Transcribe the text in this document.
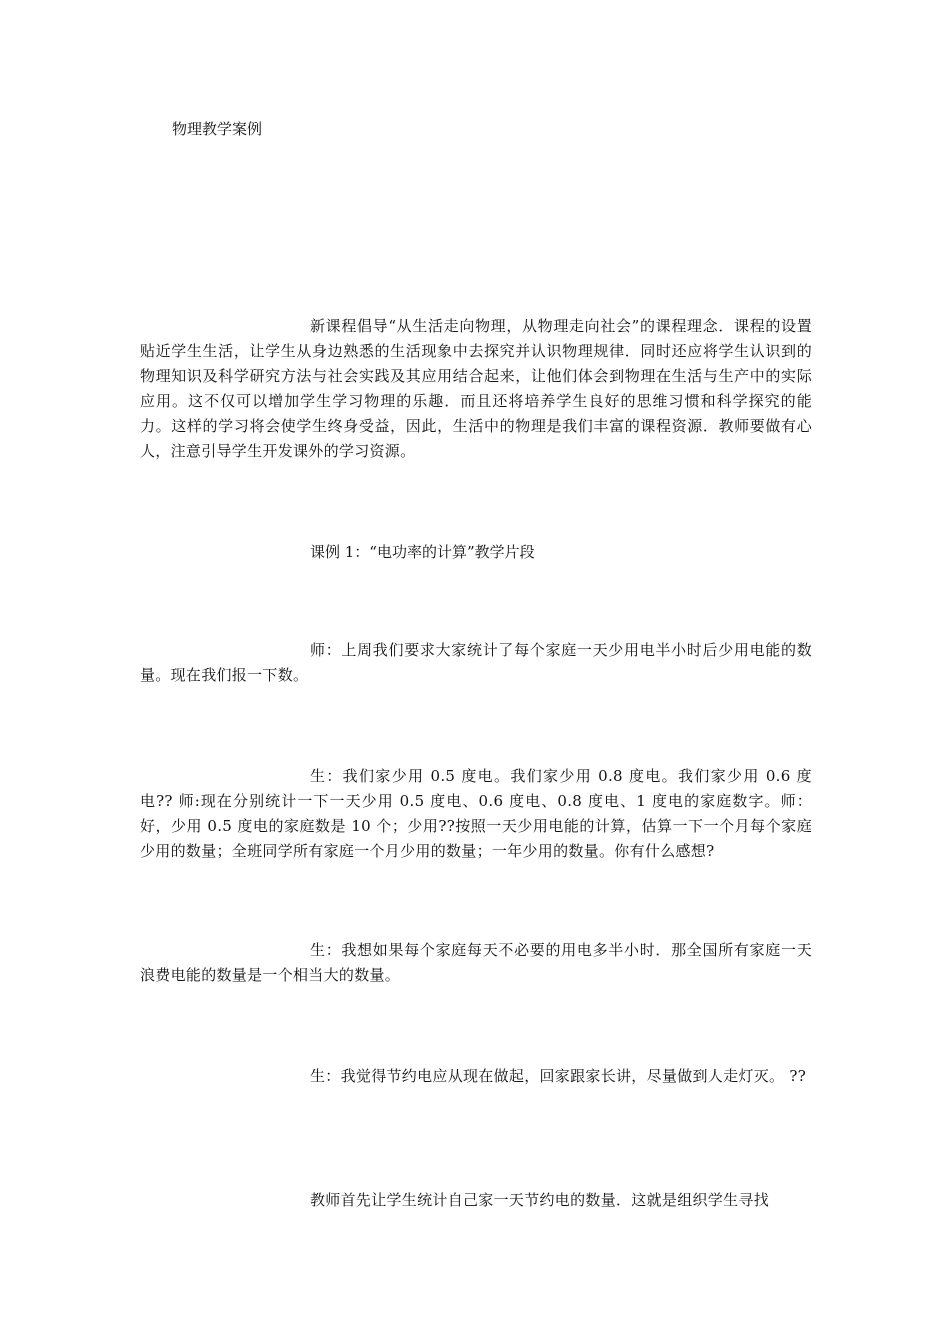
物理教学案例

新课程倡导“从生活走向物理，从物理走向社会”的课程理念．课程的设置贴近学生生活，让学生从身边熟悉的生活现象中去探究并认识物理规律．同时还应将学生认识到的物理知识及科学研究方法与社会实践及其应用结合起来，让他们体会到物理在生活与生产中的实际应用。这不仅可以增加学生学习物理的乐趣．而且还将培养学生良好的思维习惯和科学探究的能力。这样的学习将会使学生终身受益，因此，生活中的物理是我们丰富的课程资源．教师要做有心人，注意引导学生开发课外的学习资源。

课例 1：“电功率的计算”教学片段

师：上周我们要求大家统计了每个家庭一天少用电半小时后少用电能的数量。现在我们报一下数。

生：我们家少用 0.5 度电。我们家少用 0.8 度电。我们家少用 0.6 度电?? 师:现在分别统计一下一天少用 0.5 度电、0.6 度电、0.8 度电、1 度电的家庭数字。师：好，少用 0.5 度电的家庭数是 10 个；少用??按照一天少用电能的计算，估算一下一个月每个家庭少用的数量；全班同学所有家庭一个月少用的数量；一年少用的数量。你有什么感想?

生：我想如果每个家庭每天不必要的用电多半小时．那全国所有家庭一天浪费电能的数量是一个相当大的数量。

生：我觉得节约电应从现在做起，回家跟家长讲，尽量做到人走灯灭。 ??

教师首先让学生统计自己家一天节约电的数量．这就是组织学生寻找
